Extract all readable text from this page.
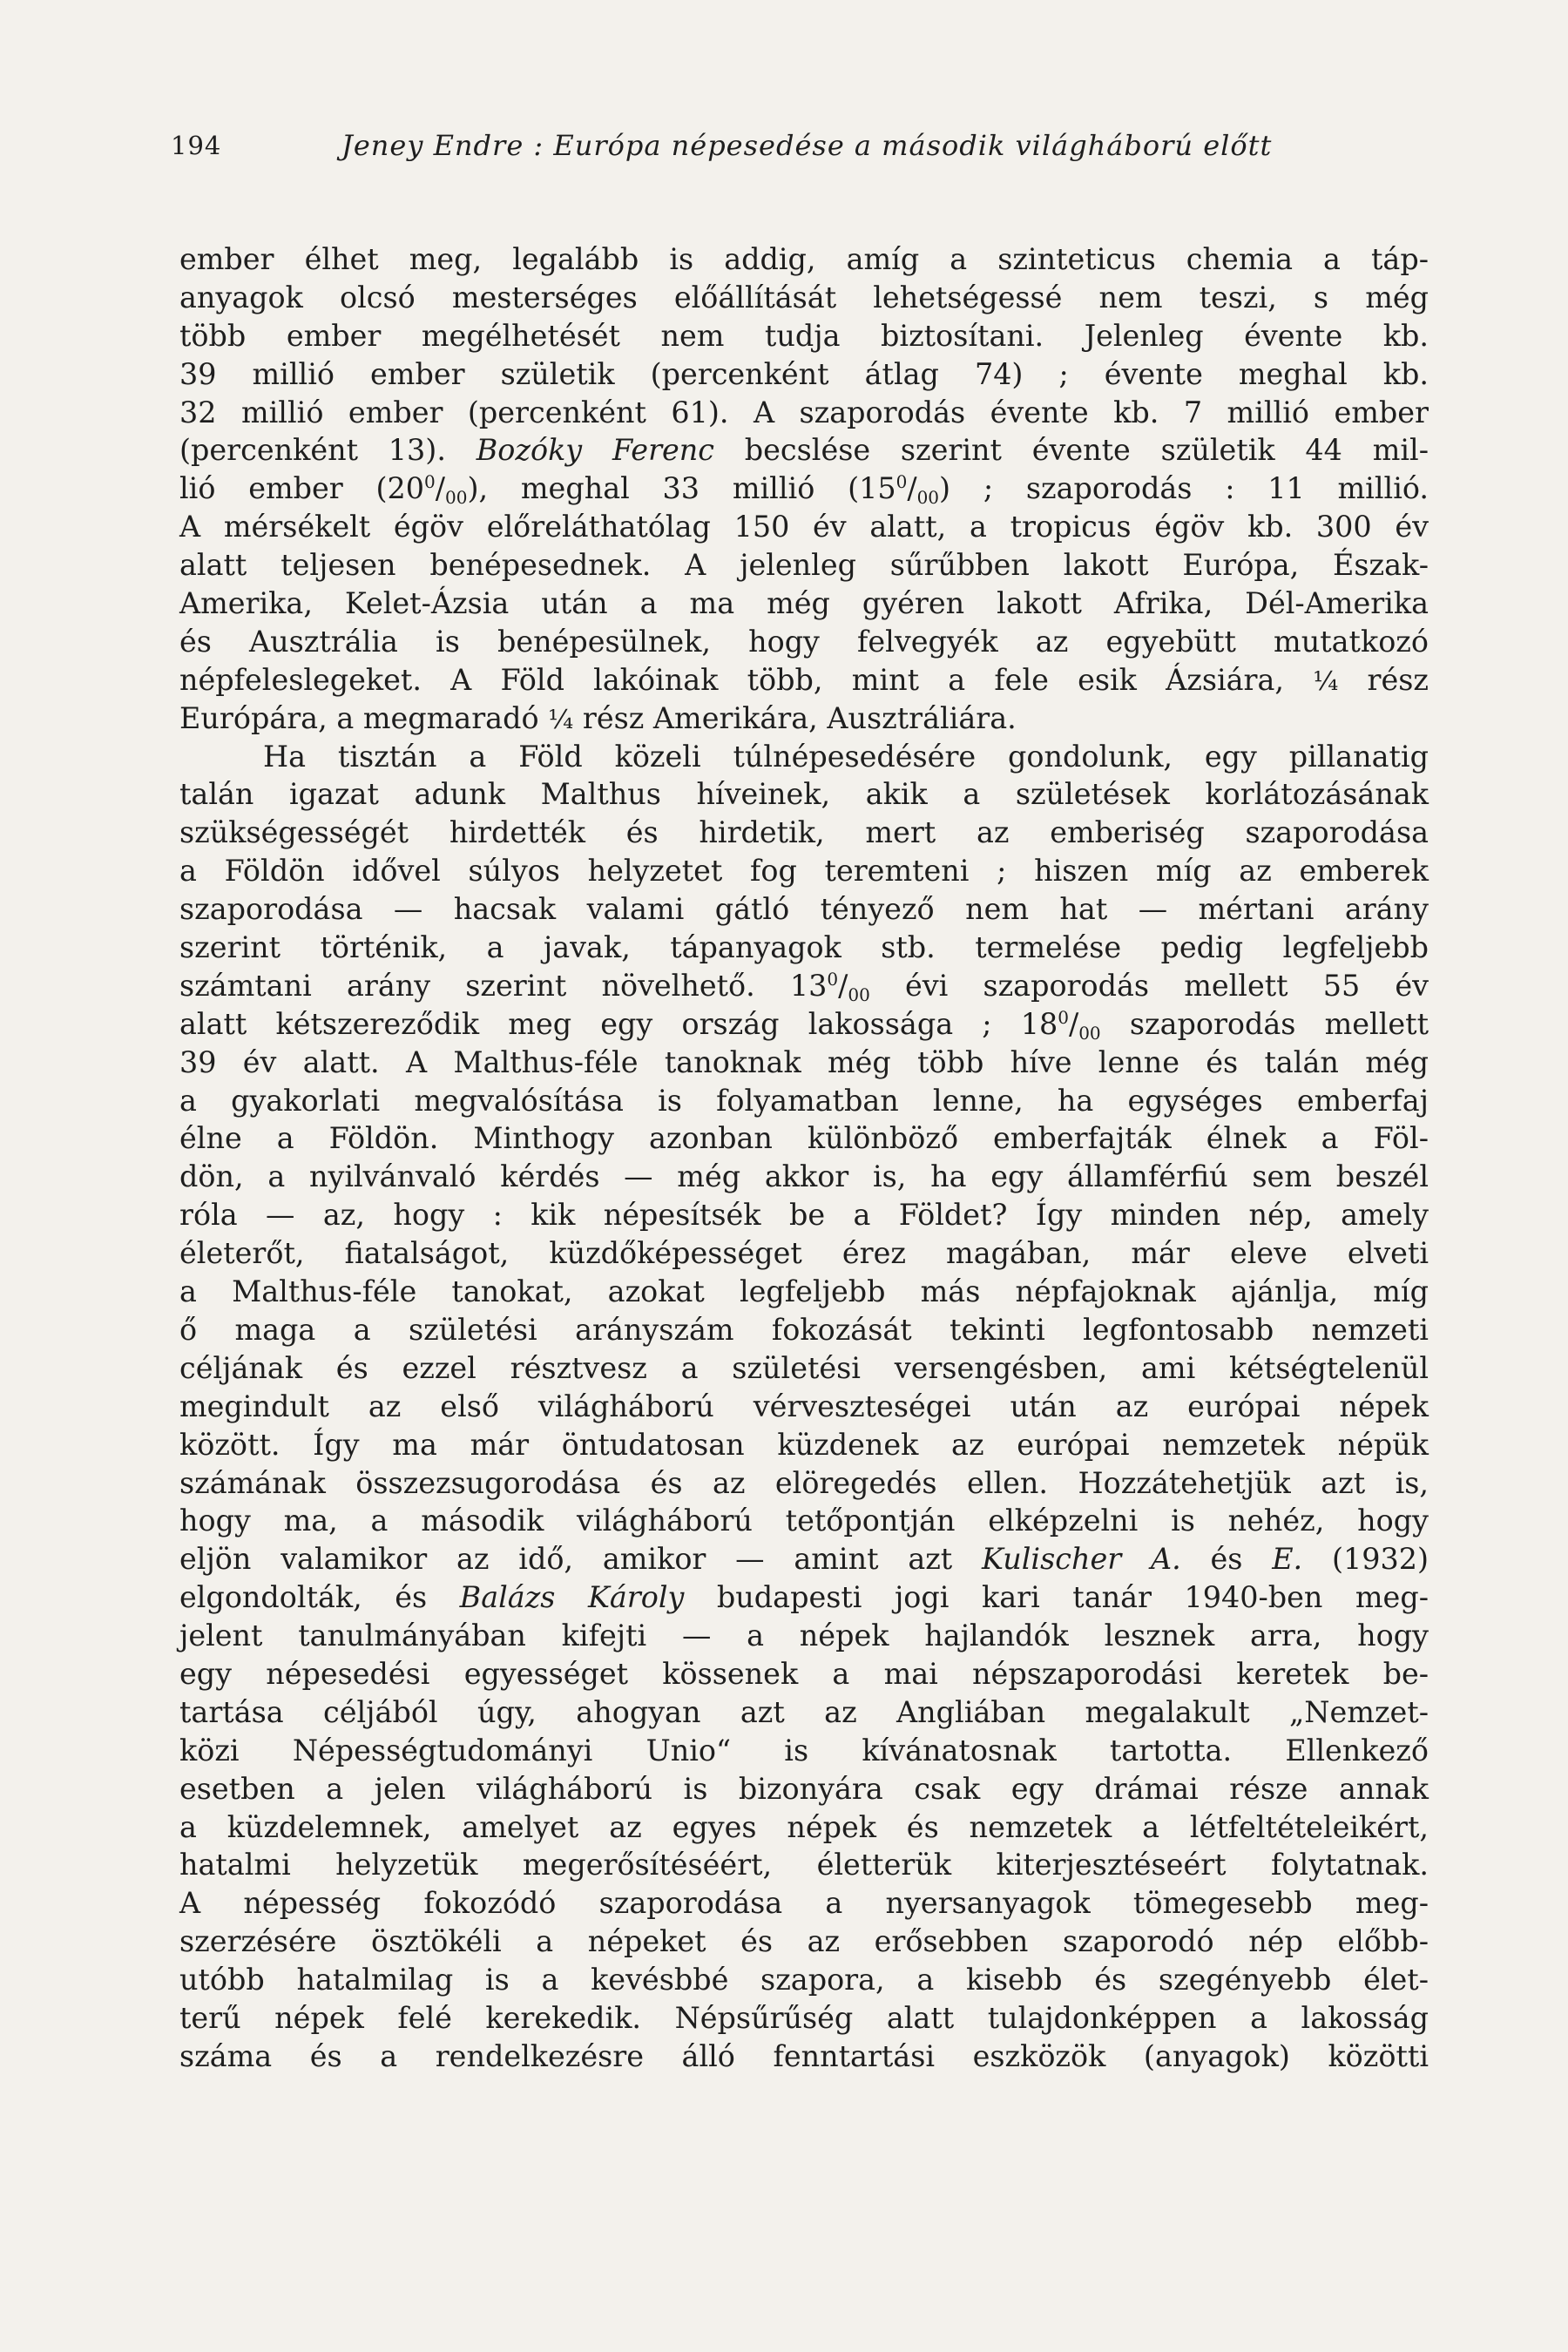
194	Jeney Endre : Európa népesedése a második világháború előtt
ember élhet meg, legalább is addig, amíg a szinteticus chemia a táp-
anyagok olcsó mesterséges előállítását lehetségessé nem teszi, s még
több ember megélhetését nem tudja biztosítani. Jelenleg évente kb.
39 millió ember születik (percenként átlag 74) ; évente meghal kb.
32 millió ember (percenként 61). A szaporodás évente kb. 7 millió ember
(percenként 13). Bozóky Ferenc becslése szerint évente születik 44 mil-
lió ember $(20^0/_{00})$, meghal 33 millió $(15^0/_{00})$ ; szaporodás : 11 millió.
A mérsékelt égöv előreláthatólag 150 év alatt, a tropicus égöv kb. 300 év
alatt teljesen benépesednek. A jelenleg sűrűbben lakott Európa, Észak-
Amerika, Kelet-Ázsia után a ma még gyéren lakott Afrika, Dél-Amerika
és Ausztrália is benépesülnek, hogy felvegyék az egyebütt mutatkozó
népfeleslegeket. A Föld lakóinak több, mint a fele esik Ázsiára, ¼ rész
Európára, a megmaradó ¼ rész Amerikára, Ausztráliára.
Ha tisztán a Föld közeli túlnépesedésére gondolunk, egy pillanatig
talán igazat adunk Malthus híveinek, akik a születések korlátozásának
szükségességét hirdették és hirdetik, mert az emberiség szaporodása
a Földön idővel súlyos helyzetet fog teremteni ; hiszen míg az emberek
szaporodása — hacsak valami gátló tényező nem hat — mértani arány
szerint történik, a javak, tápanyagok stb. termelése pedig legfeljebb
számtani arány szerint növelhető. $13^0/_{00}$ évi szaporodás mellett 55 év
alatt kétszereződik meg egy ország lakossága ; $18^0/_{00}$ szaporodás mellett
39 év alatt. A Malthus-féle tanoknak még több híve lenne és talán még
a gyakorlati megvalósítása is folyamatban lenne, ha egységes emberfaj
élne a Földön. Minthogy azonban különböző emberfajták élnek a Föl-
dön, a nyilvánvaló kérdés — még akkor is, ha egy államférfiú sem beszél
róla — az, hogy : kik népesítsék be a Földet? Így minden nép, amely
életerőt, fiatalságot, küzdőképességet érez magában, már eleve elveti
a Malthus-féle tanokat, azokat legfeljebb más népfajoknak ajánlja, míg
ő maga a születési arányszám fokozását tekinti legfontosabb nemzeti
céljának és ezzel résztvesz a születési versengésben, ami kétségtelenül
megindult az első világháború vérveszteségei után az európai népek
között. Így ma már öntudatosan küzdenek az európai nemzetek népük
számának összezsugorodása és az elöregedés ellen. Hozzátehetjük azt is,
hogy ma, a második világháború tetőpontján elképzelni is nehéz, hogy
eljön valamikor az idő, amikor — amint azt Kulischer A. és E. (1932)
elgondolták, és Balázs Károly budapesti jogi kari tanár 1940-ben meg-
jelent tanulmányában kifejti — a népek hajlandók lesznek arra, hogy
egy népesedési egyességet kössenek a mai népszaporodási keretek be-
tartása céljából úgy, ahogyan azt az Angliában megalakult „Nemzet-
közi Népességtudományi Unio“ is kívánatosnak tartotta. Ellenkező
esetben a jelen világháború is bizonyára csak egy drámai része annak
a küzdelemnek, amelyet az egyes népek és nemzetek a létfeltételeikért,
hatalmi helyzetük megerősítéséért, életterük kiterjesztéseért folytatnak.
A népesség fokozódó szaporodása a nyersanyagok tömegesebb meg-
szerzésére ösztökéli a népeket és az erősebben szaporodó nép előbb-
utóbb hatalmilag is a kevésbbé szapora, a kisebb és szegényebb élet-
terű népek felé kerekedik. Népsűrűség alatt tulajdonképpen a lakosság
száma és a rendelkezésre álló fenntartási eszközök (anyagok) közötti
